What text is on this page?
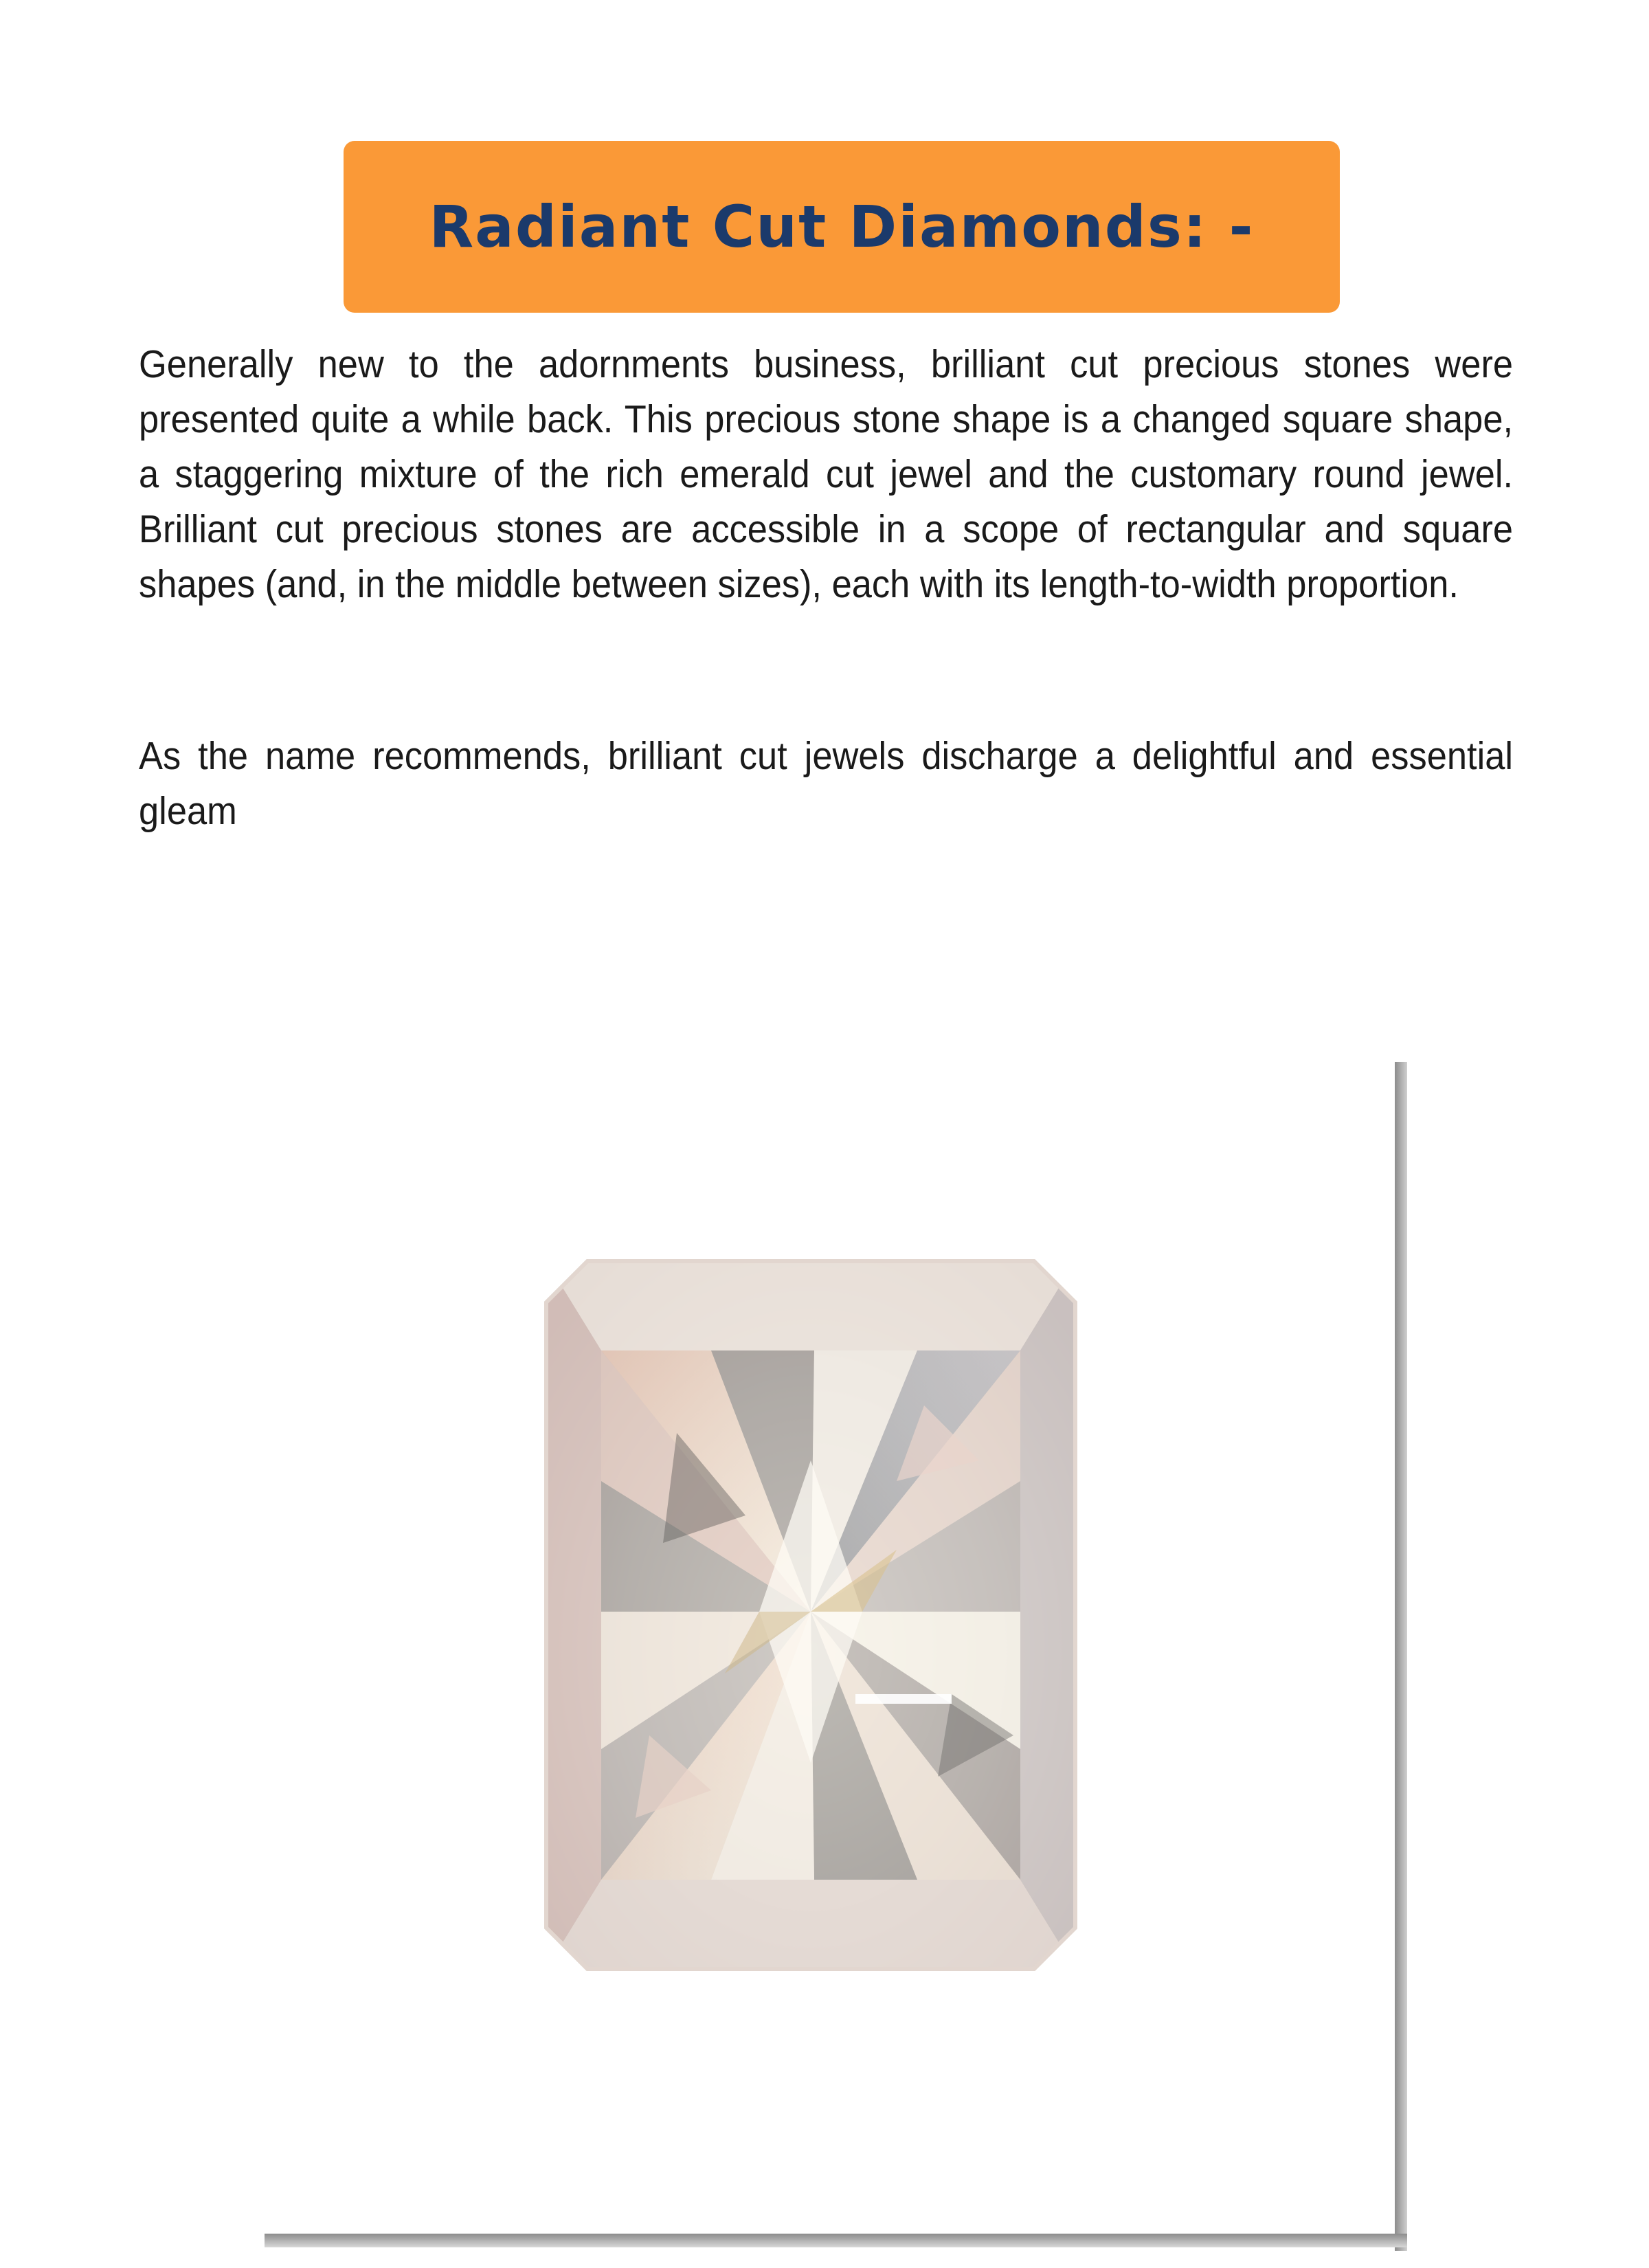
Radiant Cut Diamonds: -

Generally new to the adornments business, brilliant cut precious stones were presented quite a while back. This precious stone shape is a changed square shape, a staggering mixture of the rich emerald cut jewel and the customary round jewel. Brilliant cut precious stones are accessible in a scope of rectangular and square shapes (and, in the middle between sizes), each with its length-to-width proportion.

As the name recommends, brilliant cut jewels discharge a delightful and essential gleam
